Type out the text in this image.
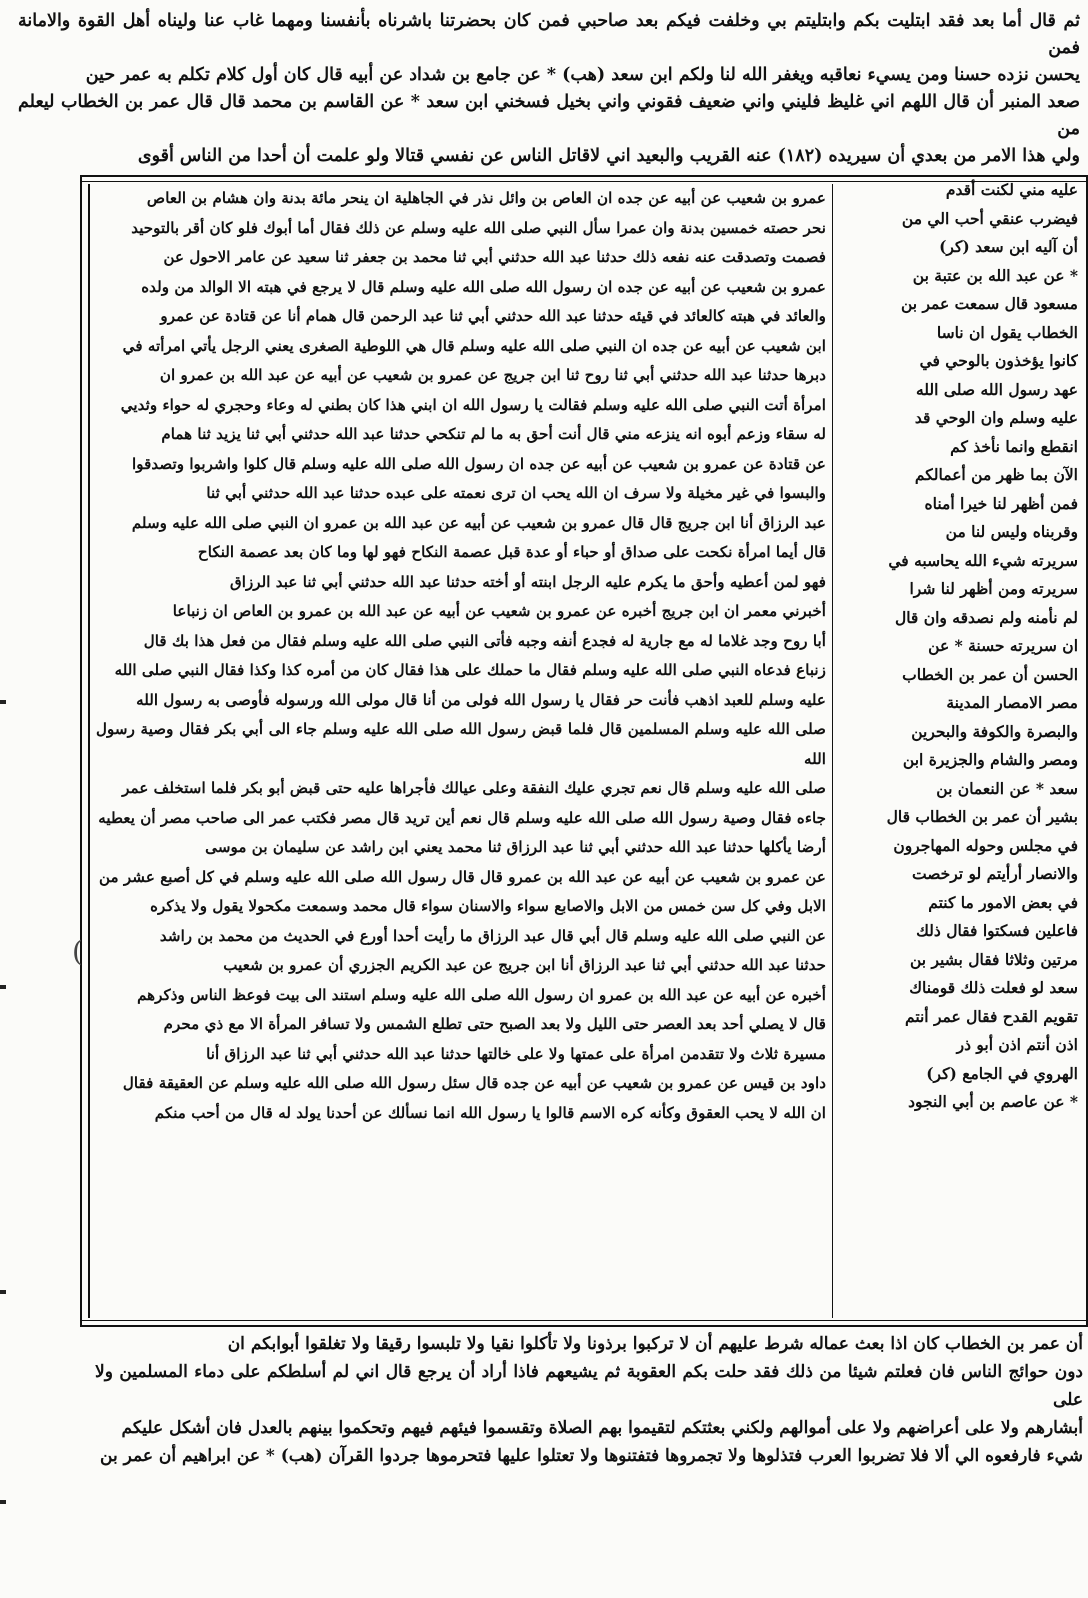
ثم قال أما بعد فقد ابتليت بكم وابتليتم بي وخلفت فيكم بعد صاحبي فمن كان بحضرتنا باشرناه بأنفسنا ومهما غاب عنا وليناه أهل القوة والامانة فمن

يحسن نزده حسنا ومن يسيء نعاقبه ويغفر الله لنا ولكم ابن سعد (هب) * عن جامع بن شداد عن أبيه قال كان أول كلام تكلم به عمر حين

صعد المنبر أن قال اللهم اني غليظ فليني واني ضعيف فقوني واني بخيل فسخني ابن سعد * عن القاسم بن محمد قال قال عمر بن الخطاب ليعلم من

ولي هذا الامر من بعدي أن سيريده (١٨٢) عنه القريب والبعيد اني لاقاتل الناس عن نفسي قتالا ولو علمت أن أحدا من الناس أقوى

عمرو بن شعيب عن أبيه عن جده ان العاص بن وائل نذر في الجاهلية ان ينحر مائة بدنة وان هشام بن العاص

نحر حصته خمسين بدنة وان عمرا سأل النبي صلى الله عليه وسلم عن ذلك فقال أما أبوك فلو كان أقر بالتوحيد

فصمت وتصدقت عنه نفعه ذلك حدثنا عبد الله حدثني أبي ثنا محمد بن جعفر ثنا سعيد عن عامر الاحول عن

عمرو بن شعيب عن أبيه عن جده ان رسول الله صلى الله عليه وسلم قال لا يرجع في هبته الا الوالد من ولده

والعائد في هبته كالعائد في قيئه حدثنا عبد الله حدثني أبي ثنا عبد الرحمن قال همام أنا عن قتادة عن عمرو

ابن شعيب عن أبيه عن جده ان النبي صلى الله عليه وسلم قال هي اللوطية الصغرى يعني الرجل يأتي امرأته في

دبرها حدثنا عبد الله حدثني أبي ثنا روح ثنا ابن جريج عن عمرو بن شعيب عن أبيه عن عبد الله بن عمرو ان

امرأة أتت النبي صلى الله عليه وسلم فقالت يا رسول الله ان ابني هذا كان بطني له وعاء وحجري له حواء وثديي

له سقاء وزعم أبوه انه ينزعه مني قال أنت أحق به ما لم تنكحي حدثنا عبد الله حدثني أبي ثنا يزيد ثنا همام

عن قتادة عن عمرو بن شعيب عن أبيه عن جده ان رسول الله صلى الله عليه وسلم قال كلوا واشربوا وتصدقوا

والبسوا في غير مخيلة ولا سرف ان الله يحب ان ترى نعمته على عبده حدثنا عبد الله حدثني أبي ثنا

عبد الرزاق أنا ابن جريج قال قال عمرو بن شعيب عن أبيه عن عبد الله بن عمرو ان النبي صلى الله عليه وسلم

قال أيما امرأة نكحت على صداق أو حباء أو عدة قبل عصمة النكاح فهو لها وما كان بعد عصمة النكاح

فهو لمن أعطيه وأحق ما يكرم عليه الرجل ابنته أو أخته حدثنا عبد الله حدثني أبي ثنا عبد الرزاق

أخبرني معمر ان ابن جريج أخبره عن عمرو بن شعيب عن أبيه عن عبد الله بن عمرو بن العاص ان زنباعا

أبا روح وجد غلاما له مع جارية له فجدع أنفه وجبه فأتى النبي صلى الله عليه وسلم فقال من فعل هذا بك قال

زنباع فدعاه النبي صلى الله عليه وسلم فقال ما حملك على هذا فقال كان من أمره كذا وكذا فقال النبي صلى الله

عليه وسلم للعبد اذهب فأنت حر فقال يا رسول الله فولى من أنا قال مولى الله ورسوله فأوصى به رسول الله

صلى الله عليه وسلم المسلمين قال فلما قبض رسول الله صلى الله عليه وسلم جاء الى أبي بكر فقال وصية رسول الله

صلى الله عليه وسلم قال نعم تجري عليك النفقة وعلى عيالك فأجراها عليه حتى قبض أبو بكر فلما استخلف عمر

جاءه فقال وصية رسول الله صلى الله عليه وسلم قال نعم أين تريد قال مصر فكتب عمر الى صاحب مصر أن يعطيه

أرضا يأكلها حدثنا عبد الله حدثني أبي ثنا عبد الرزاق ثنا محمد يعني ابن راشد عن سليمان بن موسى

عن عمرو بن شعيب عن أبيه عن عبد الله بن عمرو قال قال رسول الله صلى الله عليه وسلم في كل أصبع عشر من

الابل وفي كل سن خمس من الابل والاصابع سواء والاسنان سواء قال محمد وسمعت مكحولا يقول ولا يذكره

عن النبي صلى الله عليه وسلم قال أبي قال عبد الرزاق ما رأيت أحدا أورع في الحديث من محمد بن راشد

حدثنا عبد الله حدثني أبي ثنا عبد الرزاق أنا ابن جريج عن عبد الكريم الجزري أن عمرو بن شعيب

أخبره عن أبيه عن عبد الله بن عمرو ان رسول الله صلى الله عليه وسلم استند الى بيت فوعظ الناس وذكرهم

قال لا يصلي أحد بعد العصر حتى الليل ولا بعد الصبح حتى تطلع الشمس ولا تسافر المرأة الا مع ذي محرم

مسيرة ثلاث ولا تتقدمن امرأة على عمتها ولا على خالتها حدثنا عبد الله حدثني أبي ثنا عبد الرزاق أنا

داود بن قيس عن عمرو بن شعيب عن أبيه عن جده قال سئل رسول الله صلى الله عليه وسلم عن العقيقة فقال

ان الله لا يحب العقوق وكأنه كره الاسم قالوا يا رسول الله انما نسألك عن أحدنا يولد له قال من أحب منكم

عليه مني لكنت أقدم

فيضرب عنقي أحب الي من

أن آليه ابن سعد (كر)

* عن عبد الله بن عتبة بن

مسعود قال سمعت عمر بن

الخطاب يقول ان ناسا

كانوا يؤخذون بالوحي في

عهد رسول الله صلى الله

عليه وسلم وان الوحي قد

انقطع وانما نأخذ كم

الآن بما ظهر من أعمالكم

فمن أظهر لنا خيرا أمناه

وقربناه وليس لنا من

سريرته شيء الله يحاسبه في

سريرته ومن أظهر لنا شرا

لم نأمنه ولم نصدقه وان قال

ان سريرته حسنة * عن

الحسن أن عمر بن الخطاب

مصر الامصار المدينة

والبصرة والكوفة والبحرين

ومصر والشام والجزيرة ابن

سعد * عن النعمان بن

بشير أن عمر بن الخطاب قال

في مجلس وحوله المهاجرون

والانصار أرأيتم لو ترخصت

في بعض الامور ما كنتم

فاعلين فسكتوا فقال ذلك

مرتين وثلاثا فقال بشير بن

سعد لو فعلت ذلك قومناك

تقويم القدح فقال عمر أنتم

اذن أنتم اذن أبو ذر

الهروي في الجامع (كر)

* عن عاصم بن أبي النجود

أن عمر بن الخطاب كان اذا بعث عماله شرط عليهم أن لا تركبوا برذونا ولا تأكلوا نقيا ولا تلبسوا رقيقا ولا تغلقوا أبوابكم ان

دون حوائج الناس فان فعلتم شيئا من ذلك فقد حلت بكم العقوبة ثم يشيعهم فاذا أراد أن يرجع قال اني لم أسلطكم على دماء المسلمين ولا على

أبشارهم ولا على أعراضهم ولا على أموالهم ولكني بعثتكم لتقيموا بهم الصلاة وتقسموا فيئهم فيهم وتحكموا بينهم بالعدل فان أشكل عليكم

شيء فارفعوه الي ألا فلا تضربوا العرب فتذلوها ولا تجمروها فتفتنوها ولا تعتلوا عليها فتحرموها جردوا القرآن (هب) * عن ابراهيم أن عمر بن

(
